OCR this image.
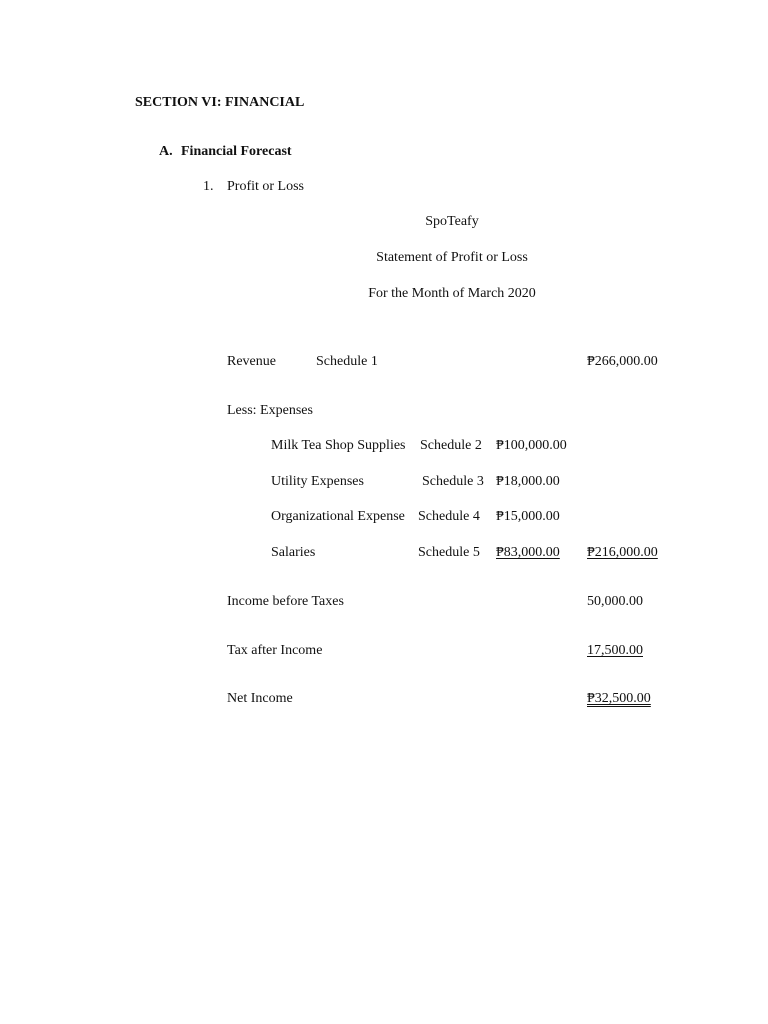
SECTION VI: FINANCIAL
A. Financial Forecast
1. Profit or Loss
SpoTeafy
Statement of Profit or Loss
For the Month of March 2020
Revenue	Schedule 1	₱266,000.00
Less: Expenses
Milk Tea Shop Supplies Schedule 2 ₱100,000.00
Utility Expenses	Schedule 3 ₱18,000.00
Organizational Expense Schedule 4 ₱15,000.00
Salaries	Schedule 5 ₱83,000.00 ₱216,000.00
Income before Taxes	50,000.00
Tax after Income	17,500.00
Net Income	₱32,500.00
